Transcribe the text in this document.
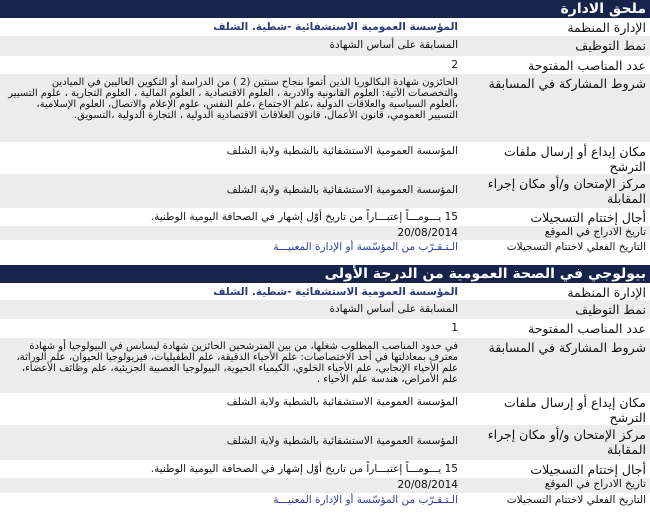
ملحق الادارة
الإدارة المنظمة	المؤسسة العمومية الاستشفائية -شطية. الشلف
نمط التوظيف	المسابقة على أساس الشهادة
عدد المناصب المفتوحة	2
شروط المشاركة في المسابقة	الحائزون شهادة البكالوريا الذين أتموا بنجاح سنتين (2 ) من الدراسة أو التكوين العاليين في الميادين والتخصصات الآتية: العلوم القانونية والادرية ، العلوم الاقتصادية ، العلوم المالية ، العلوم التجارية ، علوم التسيير ،العلوم السياسية والعلاقات الدولية ،علم الاجتماع ،علم النفس، علوم الإعلام والاتصال، العلوم الإسلامية، التسيير العمومي، قانون الأعمال، قانون العلاقات الاقتصادية الدولية ، التجارة الدولية ،التسويق.
مكان إيداع أو إرسال ملفات الترشح	المؤسسة العمومية الاستشفائية بالشطية ولاية الشلف
مركز الإمتحان و/أو مكان إجراء المقابلة	المؤسسة العمومية الاستشفائية بالشطية ولاية الشلف
أجال إختتام التسجيلات	15 يـــومـــاً إعتبـــاراً من تاريخ أوّل إشهار في الصحافة اليومية الوطنية.
تاريخ الادراج في الموقع	20/08/2014
التاريخ الفعلي لاختتام التسجيلات	الـتـقـرّب من المؤسّسة أو الإدارة المعنيـــة
بيولوجي في الصحة العمومية من الدرجة الأولى
الإدارة المنظمة	المؤسسة العمومية الاستشفائية -شطية. الشلف
نمط التوظيف	المسابقة على أساس الشهادة
عدد المناصب المفتوحة	1
شروط المشاركة في المسابقة	في حدود المناصب المطلوب شغلها، من بين المترشحين الحائزين شهادة ليسانس في البيولوجيا أو شهادة معترف بمعادلتها في أحد الاختصاصات: علم الأحياء الدقيقة، علم الطفيليات، فيزيولوجيا الحيوان، علم الوراثة، علم الأحياء الإنجابي، علم الأحياء الخلوي، الكيمياء الحيوية، البيولوجيا العصبية الجزيئية، علم وظائف الأعضاء، علم الأمراض، هندسة علم الأحياء .
مكان إيداع أو إرسال ملفات الترشح	المؤسسة العمومية الاستشفائية بالشطية ولاية الشلف
مركز الإمتحان و/أو مكان إجراء المقابلة	المؤسسة العمومية الاستشفائية بالشطية ولاية الشلف
أجال إختتام التسجيلات	15 يـــومـــاً إعتبـــاراً من تاريخ أوّل إشهار في الصحافة اليومية الوطنية.
تاريخ الادراج في الموقع	20/08/2014
التاريخ الفعلي لاختتام التسجيلات	الـتـقـرّب من المؤسّسة أو الإدارة المعنيـــة
